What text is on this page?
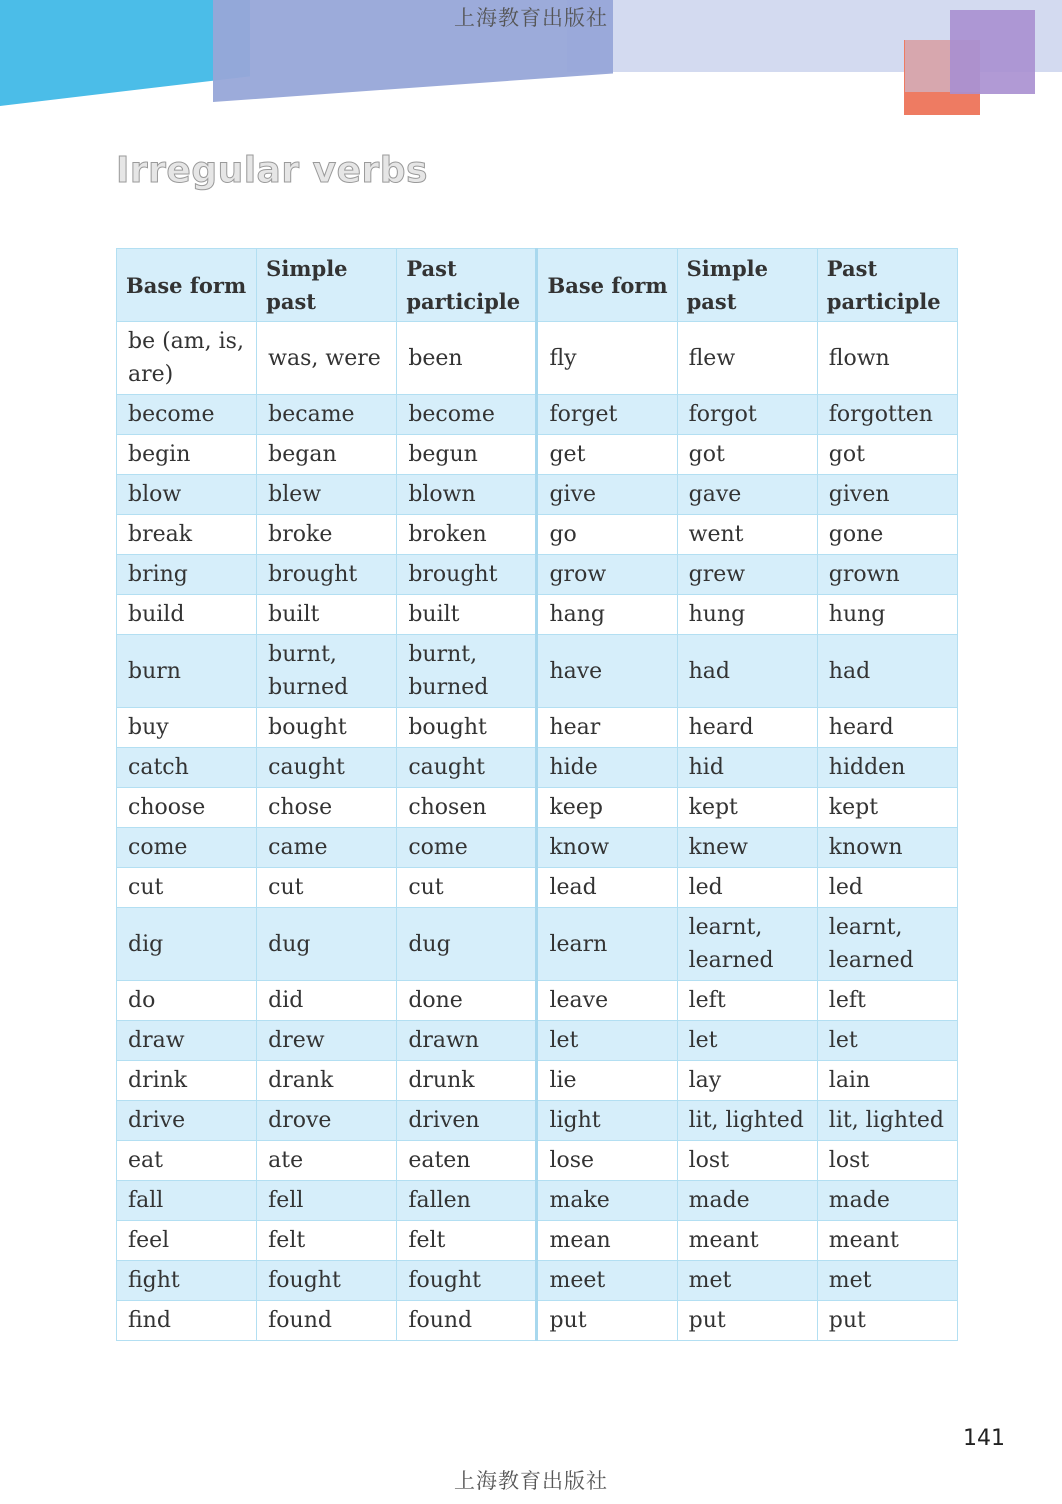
上海教育出版社
Irregular verbs
Base form	Simple past	Past participle	Base form	Simple past	Past participle
be (am, is, are)	was, were	been	fly	flew	flown
become	became	become	forget	forgot	forgotten
begin	began	begun	get	got	got
blow	blew	blown	give	gave	given
break	broke	broken	go	went	gone
bring	brought	brought	grow	grew	grown
build	built	built	hang	hung	hung
burn	burnt, burned	burnt, burned	have	had	had
buy	bought	bought	hear	heard	heard
catch	caught	caught	hide	hid	hidden
choose	chose	chosen	keep	kept	kept
come	came	come	know	knew	known
cut	cut	cut	lead	led	led
dig	dug	dug	learn	learnt, learned	learnt, learned
do	did	done	leave	left	left
draw	drew	drawn	let	let	let
drink	drank	drunk	lie	lay	lain
drive	drove	driven	light	lit, lighted	lit, lighted
eat	ate	eaten	lose	lost	lost
fall	fell	fallen	make	made	made
feel	felt	felt	mean	meant	meant
fight	fought	fought	meet	met	met
find	found	found	put	put	put
141
上海教育出版社
